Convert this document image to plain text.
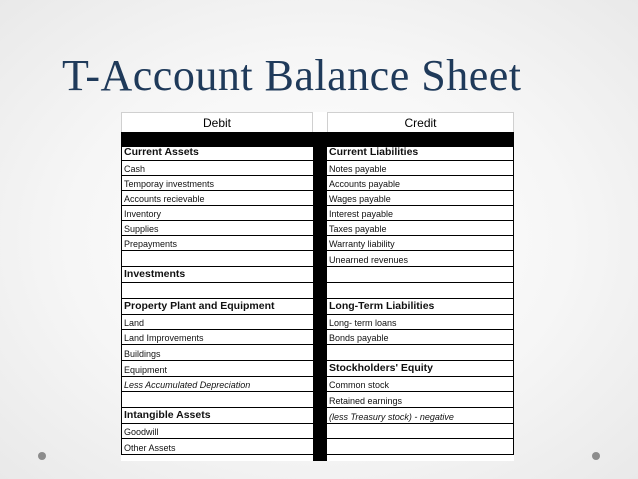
T-Account Balance Sheet
Debit	Credit
Current Assets
Cash
Temporay investments
Accounts recievable
Inventory
Supplies
Prepayments
Investments
Property Plant and Equipment
Land
Land Improvements
Buildings
Equipment
Less Accumulated Depreciation
Intangible Assets
Goodwill
Other Assets
Current Liabilities
Notes payable
Accounts payable
Wages payable
Interest payable
Taxes payable
Warranty liability
Unearned revenues
Long-Term Liabilities
Long- term loans
Bonds payable
Stockholders' Equity
Common stock
Retained earnings
(less Treasury stock) - negative
